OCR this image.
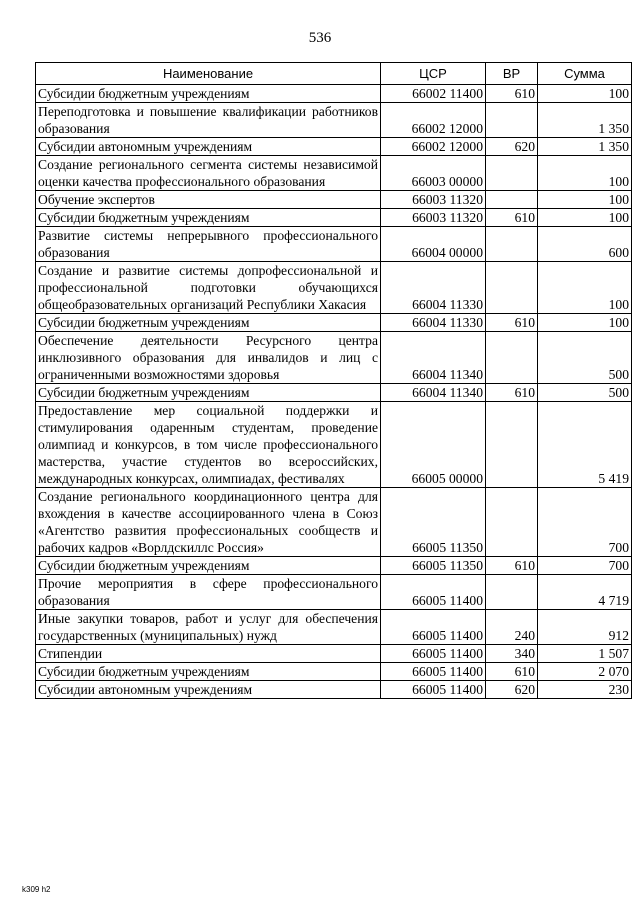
536
Наименование	ЦСР	ВР	Сумма
Субсидии бюджетным учреждениям	66002 11400	610	100
Переподготовка и повышение квалификации работников образования	66002 12000		1 350
Субсидии автономным учреждениям	66002 12000	620	1 350
Создание регионального сегмента системы независимой оценки качества профессионального образования	66003 00000		100
Обучение экспертов	66003 11320		100
Субсидии бюджетным учреждениям	66003 11320	610	100
Развитие системы непрерывного профессионального образования	66004 00000		600
Создание и развитие системы допрофессиональной и профессиональной подготовки обучающихся общеобразовательных организаций Республики Хакасия	66004 11330		100
Субсидии бюджетным учреждениям	66004 11330	610	100
Обеспечение деятельности Ресурсного центра инклюзивного образования для инвалидов и лиц с ограниченными возможностями здоровья	66004 11340		500
Субсидии бюджетным учреждениям	66004 11340	610	500
Предоставление мер социальной поддержки и стимулирования одаренным студентам, проведение олимпиад и конкурсов, в том числе профессионального мастерства, участие студентов во всероссийских, международных конкурсах, олимпиадах, фестивалях	66005 00000		5 419
Создание регионального координационного центра для вхождения в качестве ассоциированного члена в Союз «Агентство развития профессиональных сообществ и рабочих кадров «Ворлдскиллс Россия»	66005 11350		700
Субсидии бюджетным учреждениям	66005 11350	610	700
Прочие мероприятия в сфере профессионального образования	66005 11400		4 719
Иные закупки товаров, работ и услуг для обеспечения государственных (муниципальных) нужд	66005 11400	240	912
Стипендии	66005 11400	340	1 507
Субсидии бюджетным учреждениям	66005 11400	610	2 070
Субсидии автономным учреждениям	66005 11400	620	230
k309 h2
